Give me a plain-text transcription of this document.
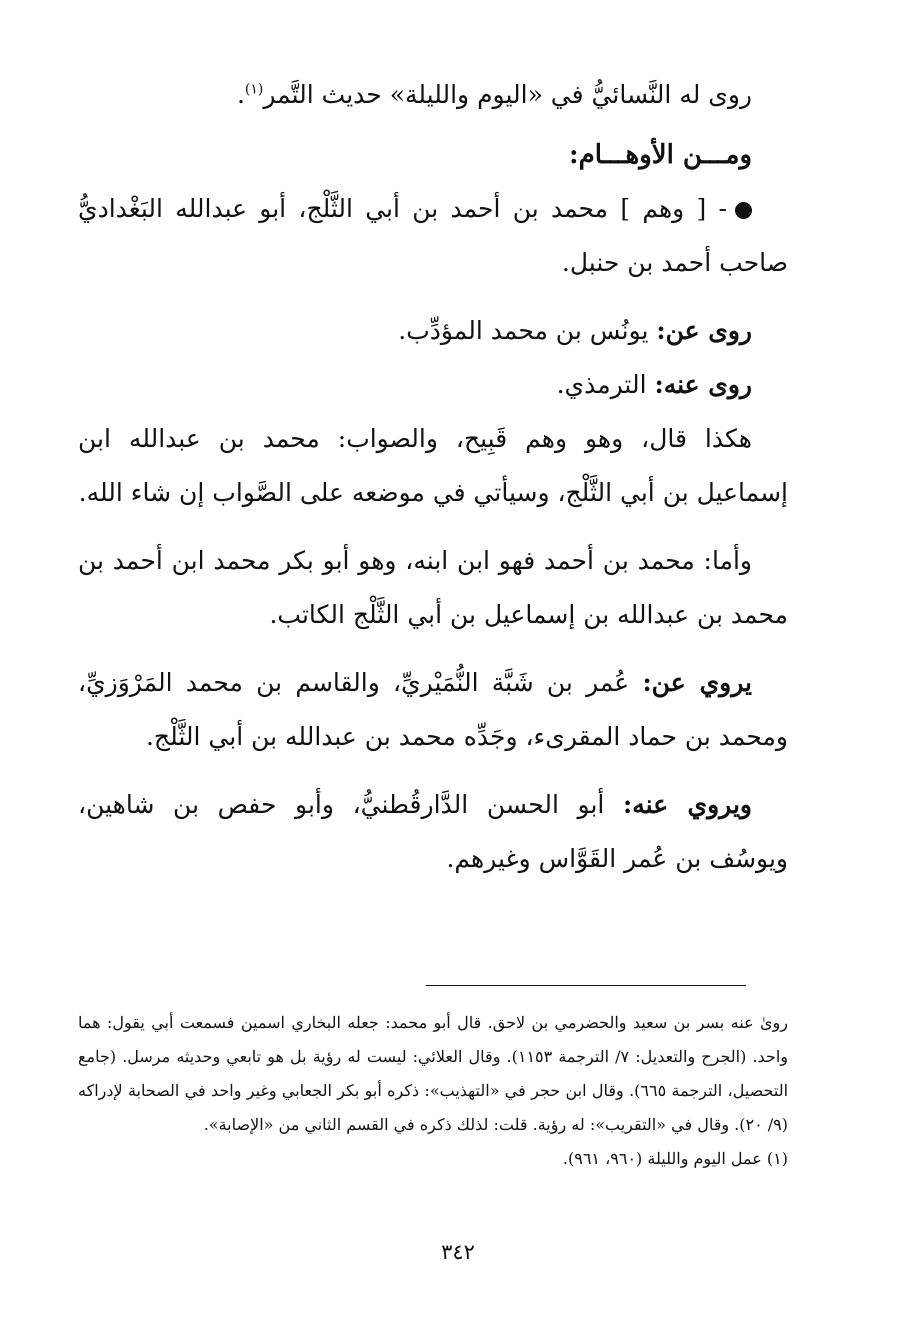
روى له النَّسائيُّ في «اليوم والليلة» حديث التَّمر$^{(١)}$.

ومـــن الأوهـــام:

- [ وهم ] محمد بن أحمد بن أبي الثَّلْج، أبو عبدالله البَغْداديُّ صاحب أحمد بن حنبل.

روى عن: يونُس بن محمد المؤدِّب.

روى عنه: الترمذي.

هكذا قال، وهو وهم قَبِيح، والصواب: محمد بن عبدالله ابن إسماعيل بن أبي الثَّلْج، وسيأتي في موضعه على الصَّواب إن شاء الله.

وأما: محمد بن أحمد فهو ابن ابنه، وهو أبو بكر محمد ابن أحمد بن محمد بن عبدالله بن إسماعيل بن أبي الثَّلْج الكاتب.

يروي عن: عُمر بن شَبَّة النُّمَيْريِّ، والقاسم بن محمد المَرْوَزيِّ، ومحمد بن حماد المقرىء، وجَدِّه محمد بن عبدالله بن أبي الثَّلْج.

ويروي عنه: أبو الحسن الدَّارقُطنيُّ، وأبو حفص بن شاهين، ويوسُف بن عُمر القَوَّاس وغيرهم.

روىٰ عنه بسر بن سعيد والحضرمي بن لاحق. قال أبو محمد: جعله البخاري اسمين فسمعت أبي يقول: هما واحد. (الجرح والتعديل: ٧/ الترجمة ١١٥٣). وقال العلائي: ليست له رؤية بل هو تابعي وحديثه مرسل. (جامع التحصيل، الترجمة ٦٦٥). وقال ابن حجر في «التهذيب»: ذكره أبو بكر الجعابي وغير واحد في الصحابة لإدراكه (٩/ ٢٠). وقال في «التقريب»: له رؤية. قلت: لذلك ذكره في القسم الثاني من «الإصابة».

(١) عمل اليوم والليلة (٩٦٠، ٩٦١).

٣٤٢
